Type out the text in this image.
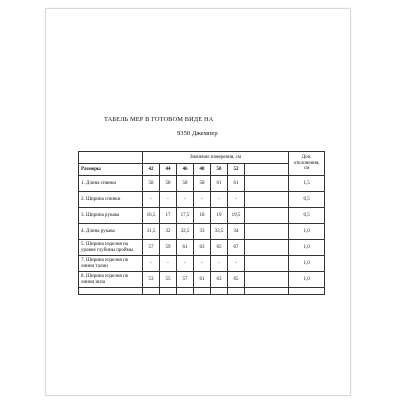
ТАБЕЛЬ МЕР В ГОТОВОМ ВИДЕ НА
9350 Джемпер
	Значение измерения, см							Доп. отклонения, см
Размеры	42	44	46	48	50	52		
1. Длина спинки	58	58	58	58	61	61		1,5
2. Ширина спинки	-	-	-	-	-	-		0,5
3. Ширина рукава	16,5	17	17,5	18	19	19,5		0,5
4. Длина рукава	31,5	32	32,5	33	33,5	34		1,0
5. Ширина изделия на уровне глубины проймы	57	59	61	63	65	67		1,0
7. Ширина изделия по линии талии	-	-	-	-	-	-		1,0
8. Ширина изделия по линии низа	53	55	57	61	63	65		1,0
